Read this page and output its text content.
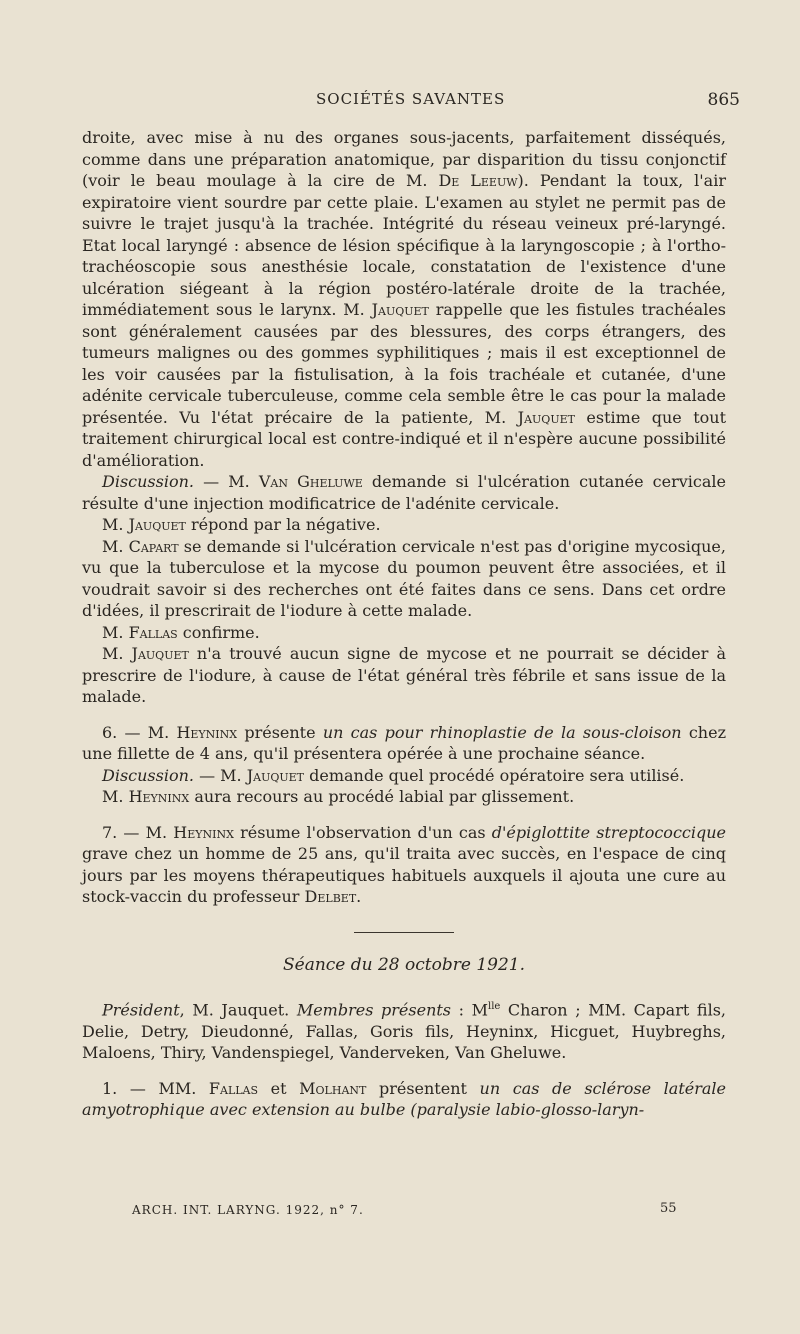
SOCIÉTÉS SAVANTES	865

droite, avec mise à nu des organes sous-jacents, parfaitement disséqués, comme dans une préparation anatomique, par disparition du tissu conjonctif (voir le beau moulage à la cire de M. De Leeuw). Pendant la toux, l'air expiratoire vient sourdre par cette plaie. L'examen au stylet ne permit pas de suivre le trajet jusqu'à la trachée. Intégrité du réseau veineux pré-laryngé. Etat local laryngé : absence de lésion spécifique à la laryngoscopie ; à l'ortho-trachéoscopie sous anesthésie locale, constatation de l'existence d'une ulcération siégeant à la région postéro-latérale droite de la trachée, immédiatement sous le larynx. M. Jauquet rappelle que les fistules trachéales sont généralement causées par des blessures, des corps étrangers, des tumeurs malignes ou des gommes syphilitiques ; mais il est exceptionnel de les voir causées par la fistulisation, à la fois trachéale et cutanée, d'une adénite cervicale tuberculeuse, comme cela semble être le cas pour la malade présentée. Vu l'état précaire de la patiente, M. Jauquet estime que tout traitement chirurgical local est contre-indiqué et il n'espère aucune possibilité d'amélioration.

Discussion. — M. Van Gheluwe demande si l'ulcération cutanée cervicale résulte d'une injection modificatrice de l'adénite cervicale.

M. Jauquet répond par la négative.

M. Capart se demande si l'ulcération cervicale n'est pas d'origine mycosique, vu que la tuberculose et la mycose du poumon peuvent être associées, et il voudrait savoir si des recherches ont été faites dans ce sens. Dans cet ordre d'idées, il prescrirait de l'iodure à cette malade.

M. Fallas confirme.

M. Jauquet n'a trouvé aucun signe de mycose et ne pourrait se décider à prescrire de l'iodure, à cause de l'état général très fébrile et sans issue de la malade.

6. — M. Heyninx présente un cas pour rhinoplastie de la sous-cloison chez une fillette de 4 ans, qu'il présentera opérée à une prochaine séance.

Discussion. — M. Jauquet demande quel procédé opératoire sera utilisé.

M. Heyninx aura recours au procédé labial par glissement.

7. — M. Heyninx résume l'observation d'un cas d'épiglottite streptococcique grave chez un homme de 25 ans, qu'il traita avec succès, en l'espace de cinq jours par les moyens thérapeutiques habituels auxquels il ajouta une cure au stock-vaccin du professeur Delbet.

Séance du 28 octobre 1921.

Président, M. Jauquet. Membres présents : $M^{lle}$ Charon ; MM. Capart fils, Delie, Detry, Dieudonné, Fallas, Goris fils, Heyninx, Hicguet, Huybreghs, Maloens, Thiry, Vandenspiegel, Vanderveken, Van Gheluwe.

1. — MM. Fallas et Molhant présentent un cas de sclérose latérale amyotrophique avec extension au bulbe (paralysie labio-glosso-laryn-

ARCH. INT. LARYNG. 1922, n° 7.	55
